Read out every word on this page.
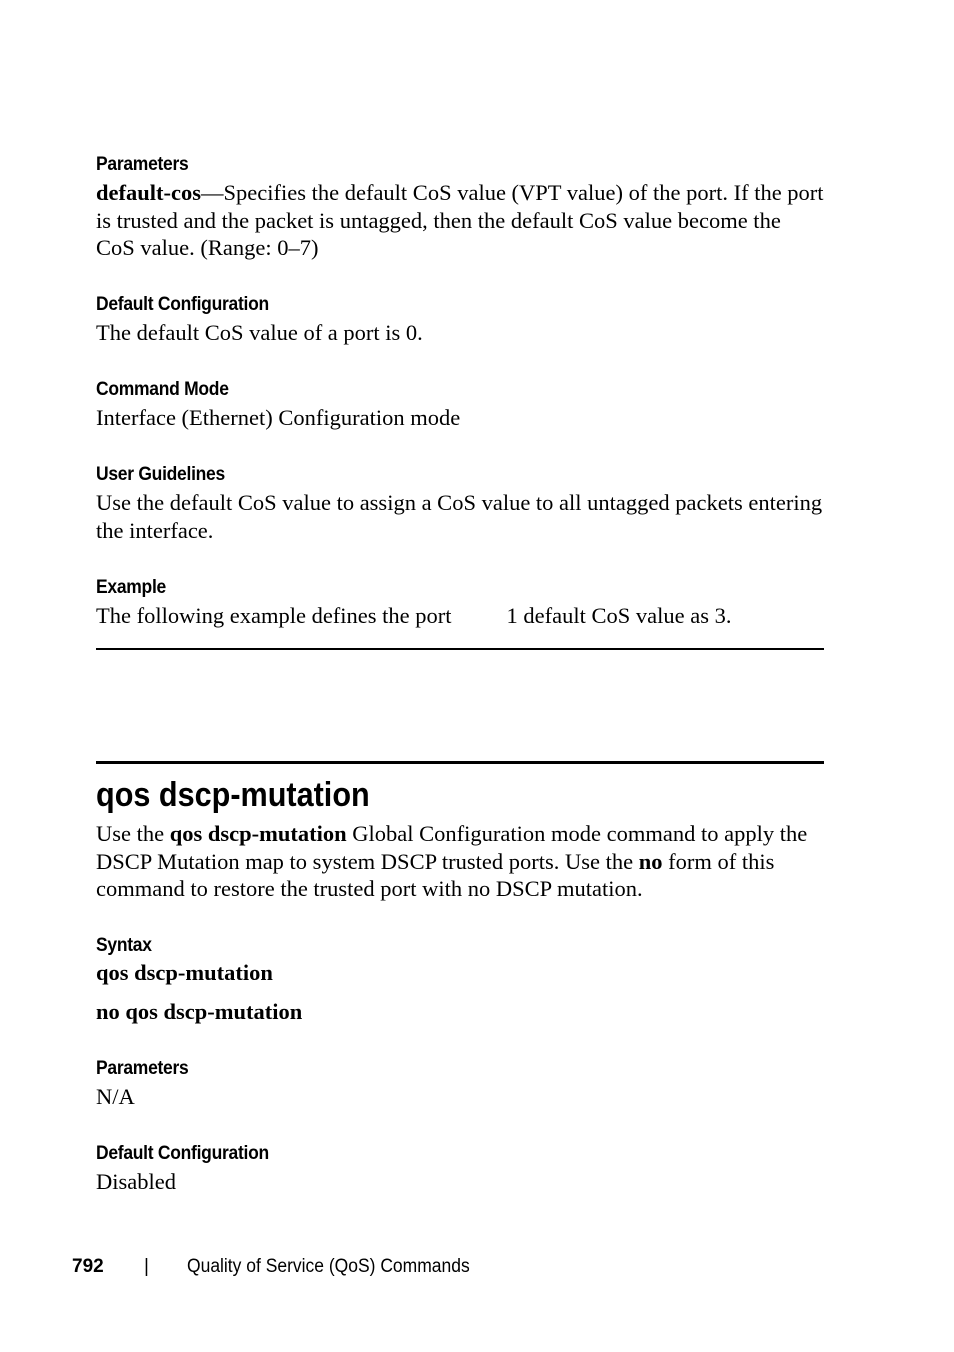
Parameters
default-cos—Specifies the default CoS value (VPT value) of the port. If the port is trusted and the packet is untagged, then the default CoS value become the CoS value. (Range: 0–7)
Default Configuration
The default CoS value of a port is 0.
Command Mode
Interface (Ethernet) Configuration mode
User Guidelines
Use the default CoS value to assign a CoS value to all untagged packets entering the interface.
Example
The following example defines the port 1 default CoS value as 3.
qos dscp-mutation
Use the qos dscp-mutation Global Configuration mode command to apply the DSCP Mutation map to system DSCP trusted ports. Use the no form of this command to restore the trusted port with no DSCP mutation.
Syntax
qos dscp-mutation
no qos dscp-mutation
Parameters
N/A
Default Configuration
Disabled
792 | Quality of Service (QoS) Commands
